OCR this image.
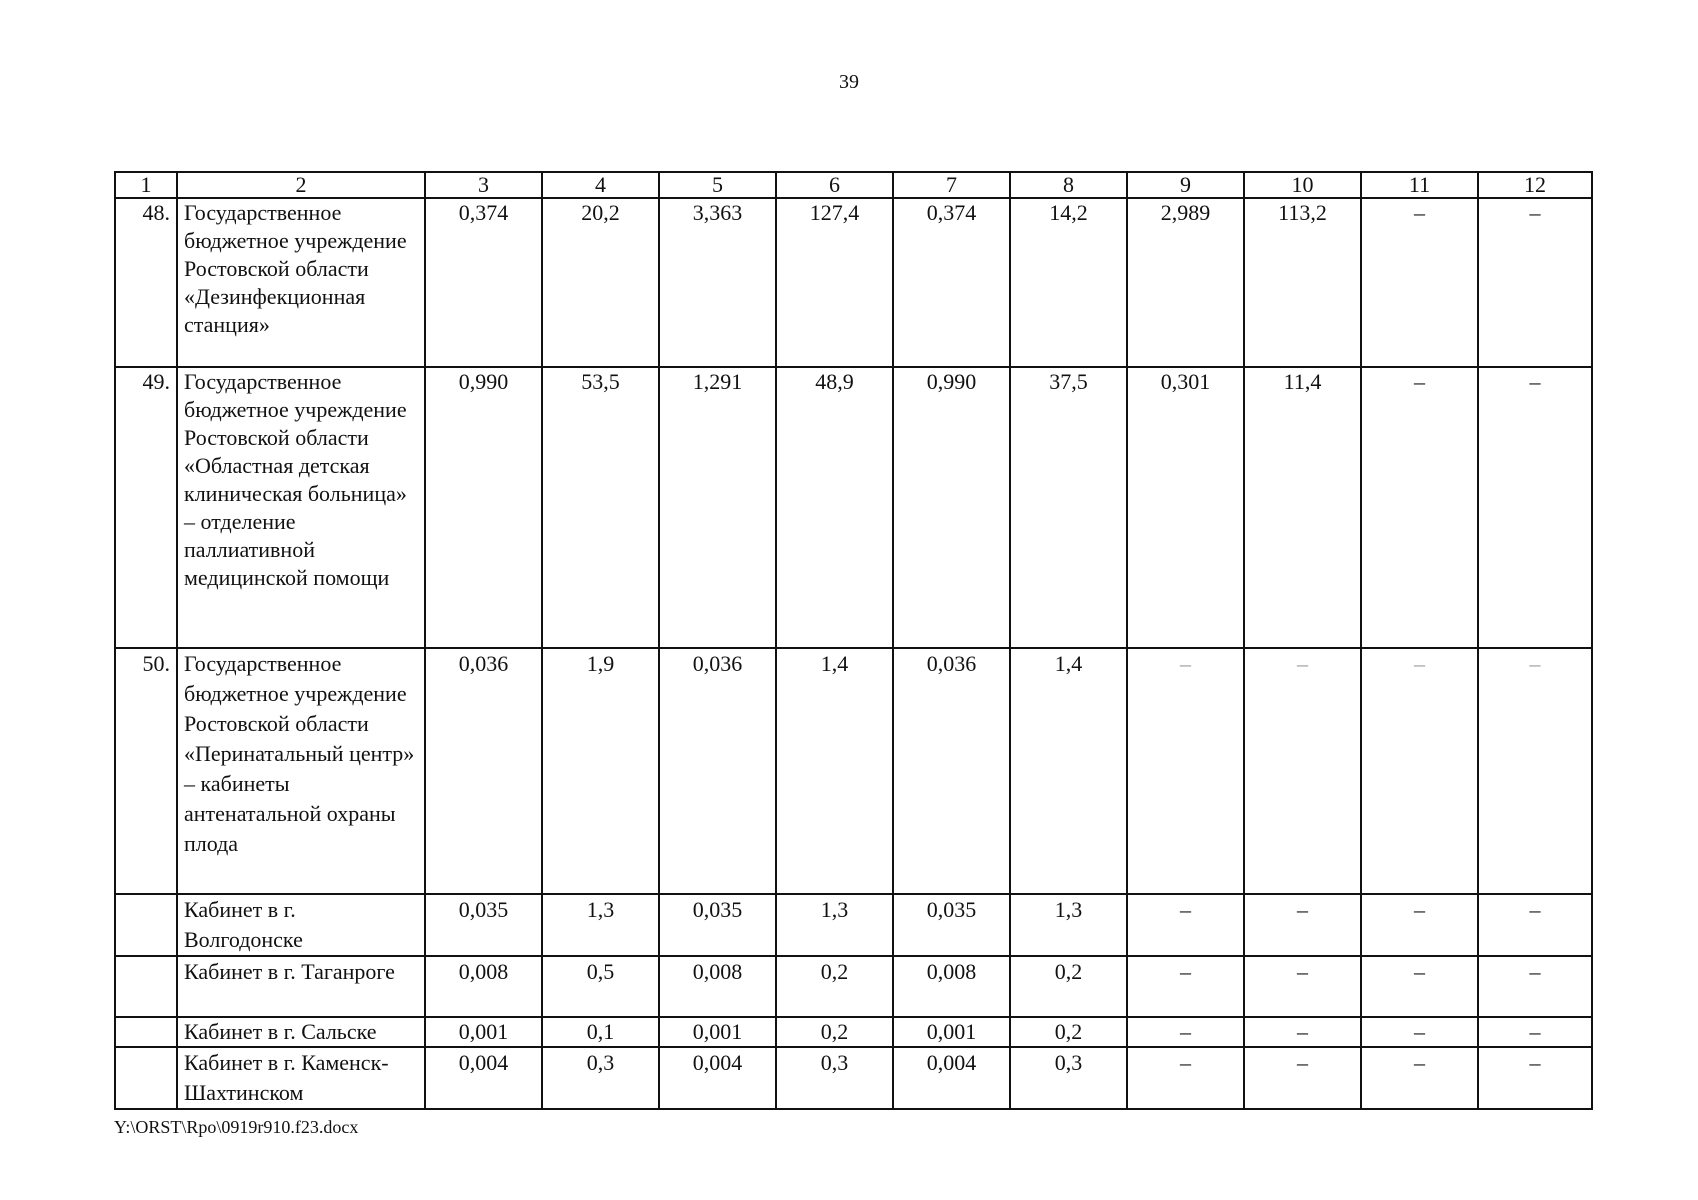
39
1	2	3	4	5	6	7	8	9	10	11	12
48.	Государственное бюджетное учреждение Ростовской области «Дезинфекционная станция»	0,374	20,2	3,363	127,4	0,374	14,2	2,989	113,2	–	–
49.	Государственное бюджетное учреждение Ростовской области «Областная детская клиническая больница» – отделение паллиативной медицинской помощи	0,990	53,5	1,291	48,9	0,990	37,5	0,301	11,4	–	–
50.	Государственное бюджетное учреждение Ростовской области «Перинатальный центр» – кабинеты антенатальной охраны плода	0,036	1,9	0,036	1,4	0,036	1,4	–	–	–	–
	Кабинет в г. Волгодонске	0,035	1,3	0,035	1,3	0,035	1,3	–	–	–	–
	Кабинет в г. Таганроге	0,008	0,5	0,008	0,2	0,008	0,2	–	–	–	–
	Кабинет в г. Сальске	0,001	0,1	0,001	0,2	0,001	0,2	–	–	–	–
	Кабинет в г. Каменск-Шахтинском	0,004	0,3	0,004	0,3	0,004	0,3	–	–	–	–
Y:\ORST\Rpo\0919r910.f23.docx
